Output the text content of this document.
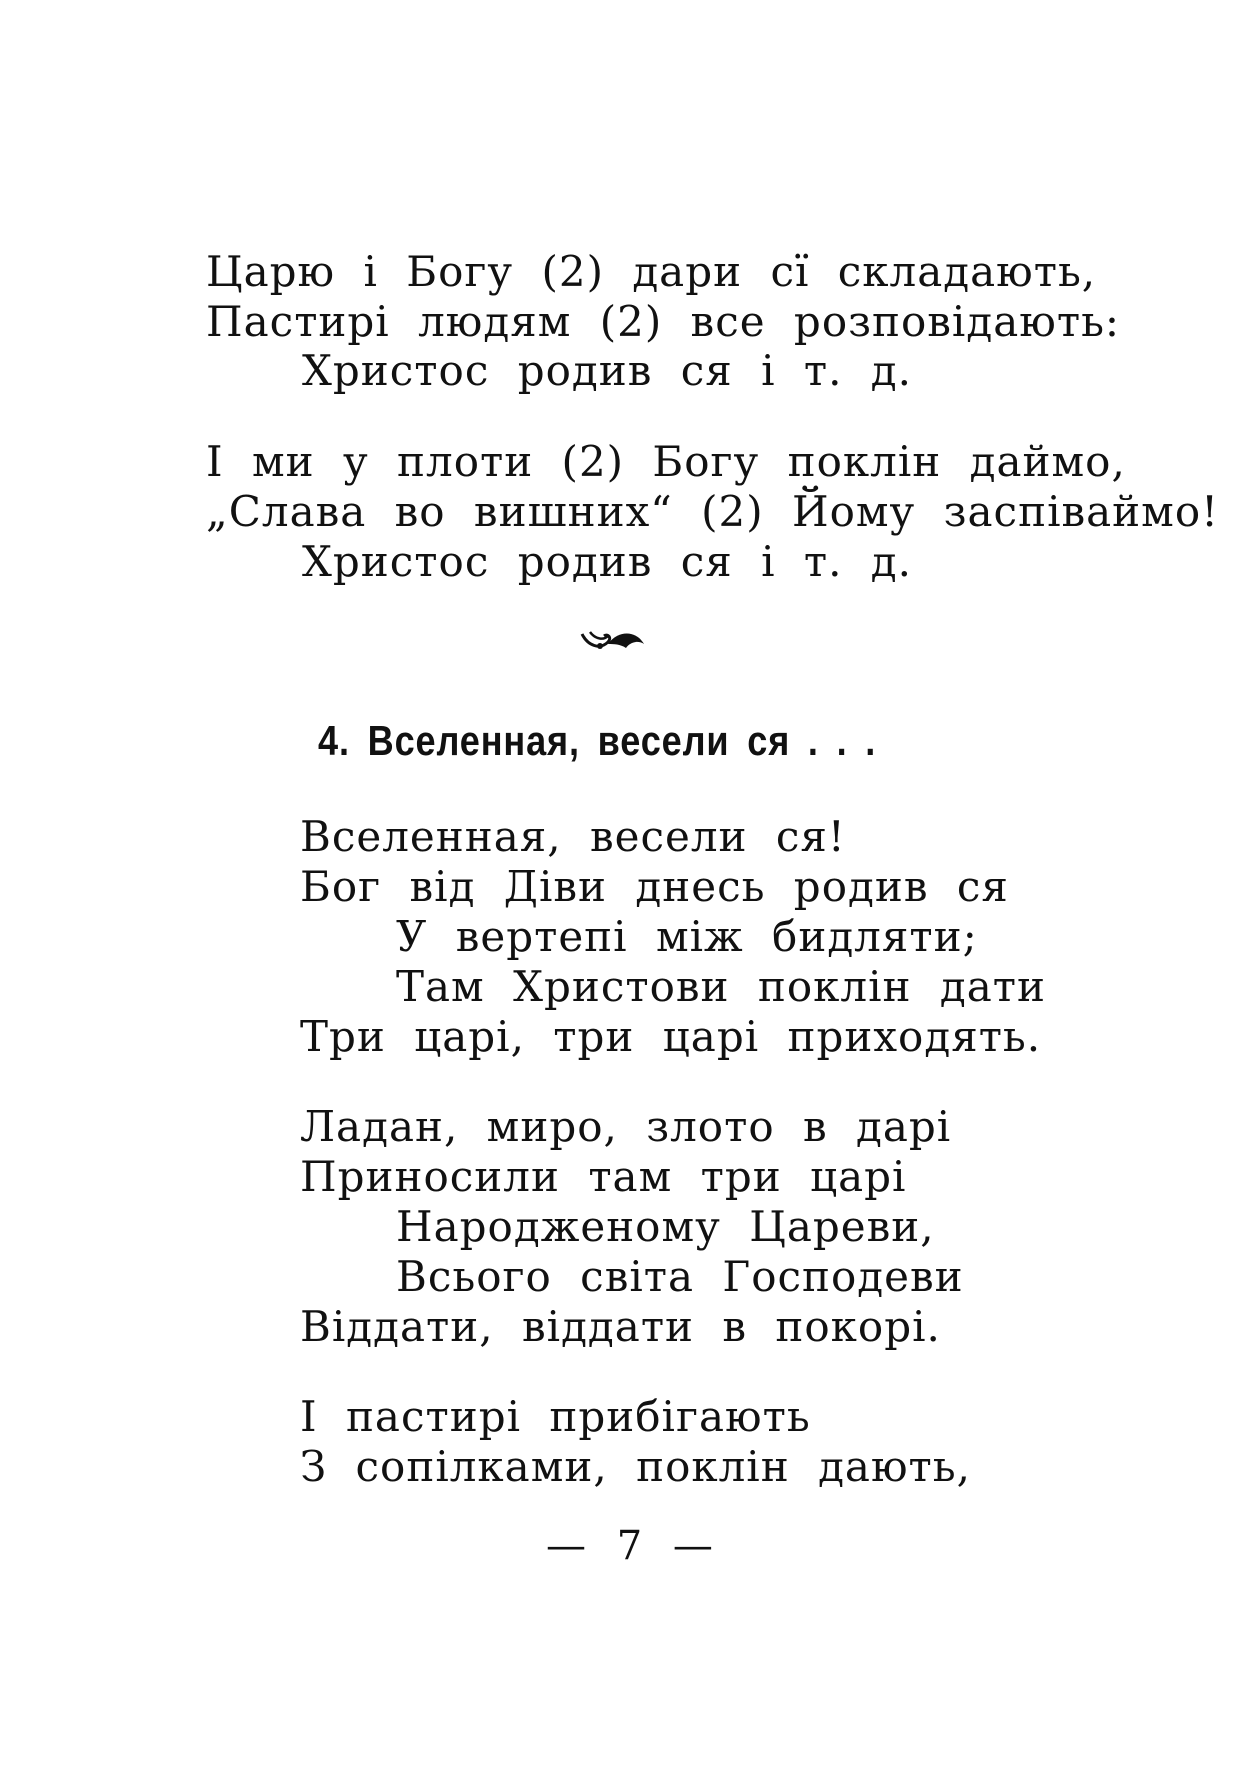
Царю і Богу (2) дари сї складають,
Пастирі людям (2) все розповідають:
Христос родив ся і т. д.
І ми у плоти (2) Богу поклін даймо,
„Слава во вишних“ (2) Йому заспіваймо!
Христос родив ся і т. д.
4. Вселенная, весели ся . . .
Вселенная, весели ся!
Бог від Діви днесь родив ся
У вертепі між бидляти;
Там Христови поклін дати
Три царі, три царі приходять.
Ладан, миро, злото в дарі
Приносили там три царі
Народженому Цареви,
Всього світа Господеви
Віддати, віддати в покорі.
І пастирі прибігають
З сопілками, поклін дають,
— 7 —
